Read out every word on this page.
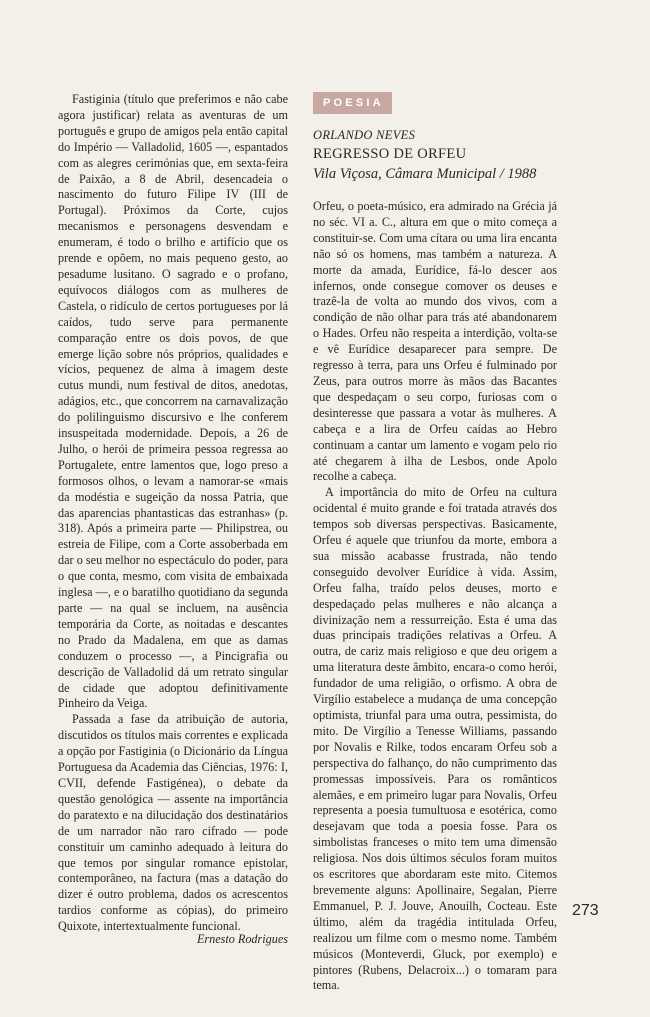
Fastiginia (título que preferimos e não cabe agora justificar) relata as aventuras de um português e grupo de amigos pela então capital do Império — Valladolid, 1605 —, espantados com as alegres cerimónias que, em sexta-feira de Paixão, a 8 de Abril, desencadeia o nascimento do futuro Filipe IV (III de Portugal). Próximos da Corte, cujos mecanismos e personagens desvendam e enumeram, é todo o brilho e artifício que os prende e opõem, no mais pequeno gesto, ao pesadume lusitano. O sagrado e o profano, equívocos diálogos com as mulheres de Castela, o ridículo de certos portugueses por lá caídos, tudo serve para permanente comparação entre os dois povos, de que emerge lição sobre nós próprios, qualidades e vícios, pequenez de alma à imagem deste cutus mundi, num festival de ditos, anedotas, adágios, etc., que concorrem na carnavalização do polilinguismo discursivo e lhe conferem insuspeitada modernidade. Depois, a 26 de Julho, o herói de primeira pessoa regressa ao Portugalete, entre lamentos que, logo preso a formosos olhos, o levam a namorar-se «mais da modéstia e sugeição da nossa Patria, que das aparencias phantasticas das estranhas» (p. 318). Após a primeira parte — Philipstrea, ou estreia de Filipe, com a Corte assoberbada em dar o seu melhor no espectáculo do poder, para o que conta, mesmo, com visita de embaixada inglesa —, e o baratilho quotidiano da segunda parte — na qual se incluem, na ausência temporária da Corte, as noitadas e descantes no Prado da Madalena, em que as damas conduzem o processo —, a Pincigrafia ou descrição de Valladolid dá um retrato singular de cidade que adoptou definitivamente Pinheiro da Veiga.

Passada a fase da atribuição de autoria, discutidos os títulos mais correntes e explicada a opção por Fastiginia (o Dicionário da Língua Portuguesa da Academia das Ciências, 1976: I, CVII, defende Fastigénea), o debate da questão genológica — assente na importância do paratexto e na dilucidação dos destinatários de um narrador não raro cifrado — pode constituir um caminho adequado à leitura do que temos por singular romance epistolar, contemporâneo, na factura (mas a datação do dizer é outro problema, dados os acrescentos tardios conforme as cópias), do primeiro Quixote, intertextualmente funcional.

Ernesto Rodrigues
POESIA
ORLANDO NEVES
REGRESSO DE ORFEU
Vila Viçosa, Câmara Municipal / 1988

Orfeu, o poeta-músico, era admirado na Grécia já no séc. VI a. C., altura em que o mito começa a constituir-se. Com uma cítara ou uma lira encanta não só os homens, mas também a natureza. A morte da amada, Eurídice, fá-lo descer aos infernos, onde consegue comover os deuses e trazê-la de volta ao mundo dos vivos, com a condição de não olhar para trás até abandonarem o Hades. Orfeu não respeita a interdição, volta-se e vê Eurídice desaparecer para sempre. De regresso à terra, para uns Orfeu é fulminado por Zeus, para outros morre às mãos das Bacantes que despedaçam o seu corpo, furiosas com o desinteresse que passara a votar às mulheres. A cabeça e a lira de Orfeu caídas ao Hebro continuam a cantar um lamento e vogam pelo rio até chegarem à ilha de Lesbos, onde Apolo recolhe a cabeça.

A importância do mito de Orfeu na cultura ocidental é muito grande e foi tratada através dos tempos sob diversas perspectivas. Basicamente, Orfeu é aquele que triunfou da morte, embora a sua missão acabasse frustrada, não tendo conseguido devolver Eurídice à vida. Assim, Orfeu falha, traído pelos deuses, morto e despedaçado pelas mulheres e não alcança a divinização nem a ressurreição. Esta é uma das duas principais tradições relativas a Orfeu. A outra, de cariz mais religioso e que deu origem a uma literatura deste âmbito, encara-o como herói, fundador de uma religião, o orfismo. A obra de Virgílio estabelece a mudança de uma concepção optimista, triunfal para uma outra, pessimista, do mito. De Virgílio a Tenesse Williams, passando por Novalis e Rilke, todos encaram Orfeu sob a perspectiva do falhanço, do não cumprimento das promessas impossíveis. Para os românticos alemães, e em primeiro lugar para Novalis, Orfeu representa a poesia tumultuosa e esotérica, como desejavam que toda a poesia fosse. Para os simbolistas franceses o mito tem uma dimensão religiosa. Nos dois últimos séculos foram muitos os escritores que abordaram este mito. Citemos brevemente alguns: Apollinaire, Segalan, Pierre Emmanuel, P. J. Jouve, Anouilh, Cocteau. Este último, além da tragédia intitulada Orfeu, realizou um filme com o mesmo nome. Também músicos (Monteverdi, Gluck, por exemplo) e pintores (Rubens, Delacroix...) o tomaram para tema.

273
